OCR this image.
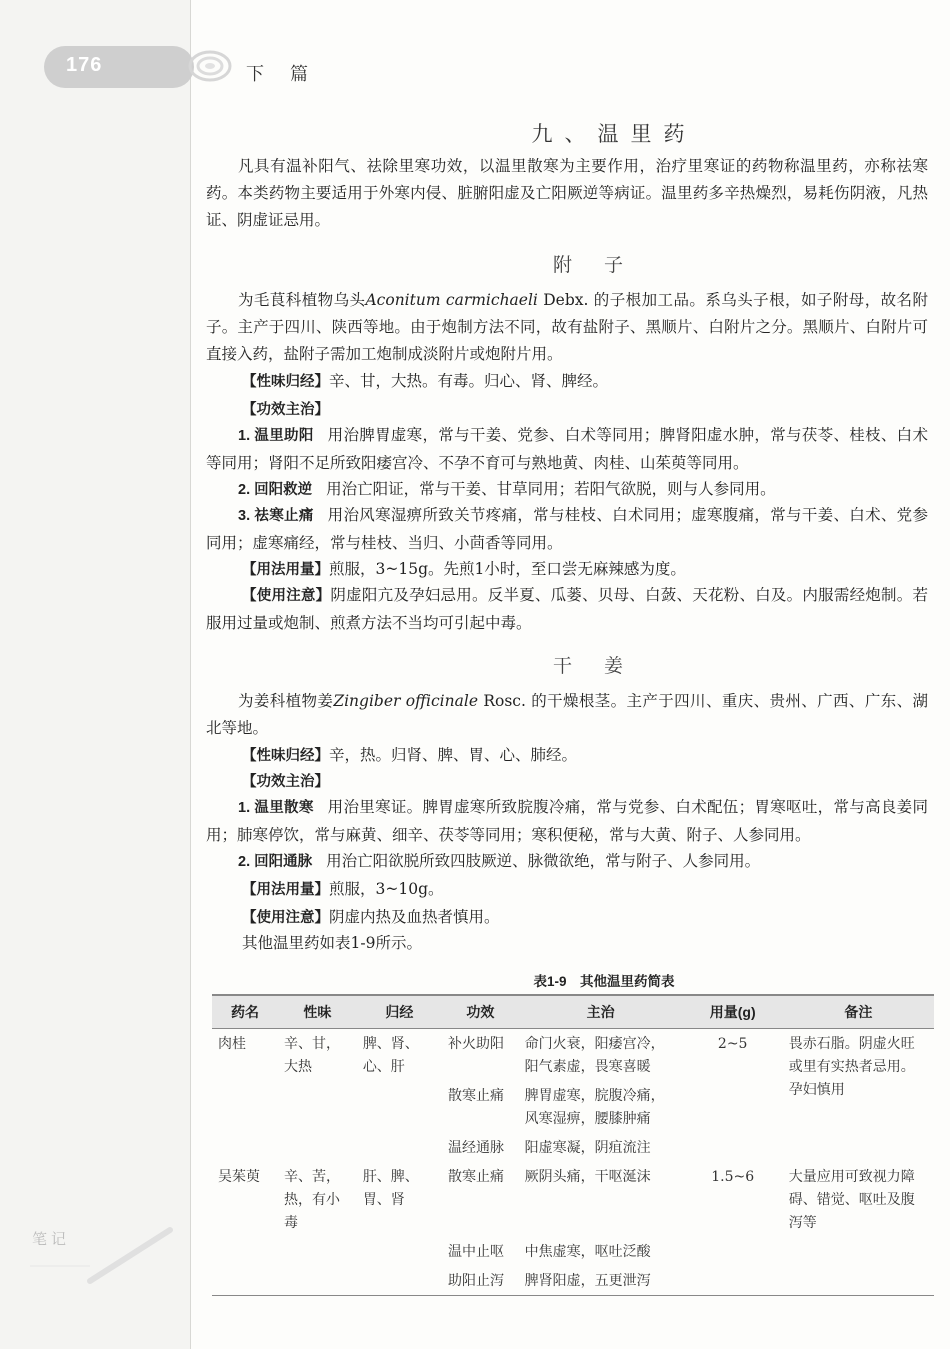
176	下篇
笔记
九、温里药
凡具有温补阳气、祛除里寒功效，以温里散寒为主要作用，治疗里寒证的药物称温里药，亦称祛寒药。本类药物主要适用于外寒内侵、脏腑阳虚及亡阳厥逆等病证。温里药多辛热燥烈，易耗伤阴液，凡热证、阴虚证忌用。
附子
为毛茛科植物乌头Aconitum carmichaeli Debx. 的子根加工品。系乌头子根，如子附母，故名附子。主产于四川、陕西等地。由于炮制方法不同，故有盐附子、黑顺片、白附片之分。黑顺片、白附片可直接入药，盐附子需加工炮制成淡附片或炮附片用。
【性味归经】辛、甘，大热。有毒。归心、肾、脾经。
【功效主治】
1. 温里助阳 用治脾胃虚寒，常与干姜、党参、白术等同用；脾肾阳虚水肿，常与茯苓、桂枝、白术等同用；肾阳不足所致阳痿宫冷、不孕不育可与熟地黄、肉桂、山茱萸等同用。
2. 回阳救逆 用治亡阳证，常与干姜、甘草同用；若阳气欲脱，则与人参同用。
3. 祛寒止痛 用治风寒湿痹所致关节疼痛，常与桂枝、白术同用；虚寒腹痛，常与干姜、白术、党参同用；虚寒痛经，常与桂枝、当归、小茴香等同用。
【用法用量】煎服，3~15g。先煎1小时，至口尝无麻辣感为度。
【使用注意】阴虚阳亢及孕妇忌用。反半夏、瓜蒌、贝母、白蔹、天花粉、白及。内服需经炮制。若服用过量或炮制、煎煮方法不当均可引起中毒。
干姜
为姜科植物姜Zingiber officinale Rosc. 的干燥根茎。主产于四川、重庆、贵州、广西、广东、湖北等地。
【性味归经】辛，热。归肾、脾、胃、心、肺经。
【功效主治】
1. 温里散寒 用治里寒证。脾胃虚寒所致脘腹冷痛，常与党参、白术配伍；胃寒呕吐，常与高良姜同用；肺寒停饮，常与麻黄、细辛、茯苓等同用；寒积便秘，常与大黄、附子、人参同用。
2. 回阳通脉 用治亡阳欲脱所致四肢厥逆、脉微欲绝，常与附子、人参同用。
【用法用量】煎服，3~10g。
【使用注意】阴虚内热及血热者慎用。
其他温里药如表1-9所示。
表1-9　其他温里药简表
药名	性味	归经	功效	主治	用量(g)	备注
肉桂	辛、甘，大热	脾、肾、心、肝	补火助阳	命门火衰，阳痿宫冷，阳气素虚，畏寒喜暖	2~5	畏赤石脂。阴虚火旺或里有实热者忌用。孕妇慎用
			散寒止痛	脾胃虚寒，脘腹冷痛，风寒湿痹，腰膝肿痛		
			温经通脉	阳虚寒凝，阴疽流注		
吴茱萸	辛、苦，热，有小毒	肝、脾、胃、肾	散寒止痛	厥阴头痛，干呕涎沫	1.5~6	大量应用可致视力障碍、错觉、呕吐及腹泻等
			温中止呕	中焦虚寒，呕吐泛酸		
			助阳止泻	脾肾阳虚，五更泄泻		
